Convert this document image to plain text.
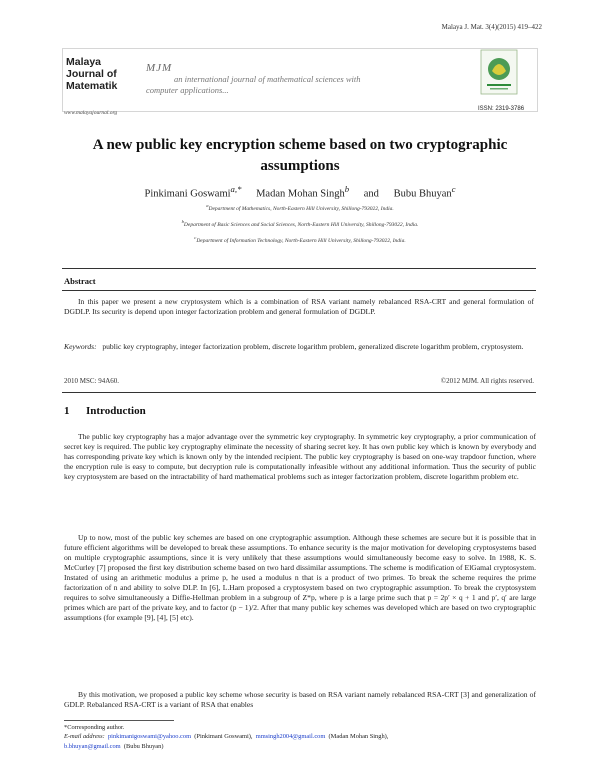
Malaya J. Mat. 3(4)(2015) 419–422
Malaya
Journal of
Matematik
www.malayajournal.org
MJM
an international journal of mathematical sciences with
computer applications...
ISSN: 2319-3786
A new public key encryption scheme based on two cryptographic
assumptions
Pinkimani Goswami$^{a,*}$ Madan Mohan Singh$^b$ and Bubu Bhuyan$^c$
$^a$Department of Mathematics, North-Eastern Hill University, Shillong-793022, India.
$^b$Department of Basic Sciences and Social Sciences, North-Eastern Hill University, Shillong-793022, India.
$^c$Department of Information Technology, North-Eastern Hill University, Shillong-793022, India.
Abstract
In this paper we present a new cryptosystem which is a combination of RSA variant namely rebalanced RSA-CRT and general formulation of DGDLP. Its security is depend upon integer factorization problem and general formulation of DGDLP.
Keywords: public key cryptography, integer factorization problem, discrete logarithm problem, generalized discrete logarithm problem, cryptosystem.
2010 MSC: 94A60.	©2012 MJM. All rights reserved.
1 Introduction
The public key cryptography has a major advantage over the symmetric key cryptography. In symmetric key cryptography, a prior communication of secret key is required. The public key cryptography eliminate the necessity of sharing secret key. It has own public key which is known by everybody and has corresponding private key which is known only by the intended recipient. The public key cryptography is based on one-way trapdoor function, where the encryption rule is easy to compute, but decryption rule is computationally infeasible without any additional information. Thus the security of public key cryptosystem are based on the intractability of hard mathematical problems such as integer factorization problem, discrete logarithm problem etc.
Up to now, most of the public key schemes are based on one cryptographic assumption. Although these schemes are secure but it is possible that in future efficient algorithms will be developed to break these assumptions. To enhance security is the major motivation for developing cryptosystems based on multiple cryptographic assumptions, since it is very unlikely that these assumptions would simultaneously become easy to solve. In 1988, K. S. McCurley [7] proposed the first key distribution scheme based on two hard dissimilar assumptions. The scheme is modification of ElGamal cryptosystem. Instated of using an arithmetic modulus a prime p, he used a modulus n that is a product of two primes. To break the scheme requires the prime factorization of n and ability to solve DLP. In [6], L.Harn proposed a cryptosystem based on two cryptographic assumption. To break the cryptosystem requires to solve simultaneously a Diffie-Hellman problem in a subgroup of Z*p, where p is a large prime such that p = 2p′ × q + 1 and p′, q′ are large primes which are part of the private key, and to factor (p − 1)/2. After that many public key schemes was developed which are based on two cryptographic assumptions (for example [9], [4], [5] etc).
By this motivation, we proposed a public key scheme whose security is based on RSA variant namely rebalanced RSA-CRT [3] and generalization of GDLP. Rebalanced RSA-CRT is a variant of RSA that enables
*Corresponding author.
E-mail address: pinkimanigoswami@yahoo.com (Pinkimani Goswami), mmsingh2004@gmail.com (Madan Mohan Singh),
b.bhuyan@gmail.com (Bubu Bhuyan)
